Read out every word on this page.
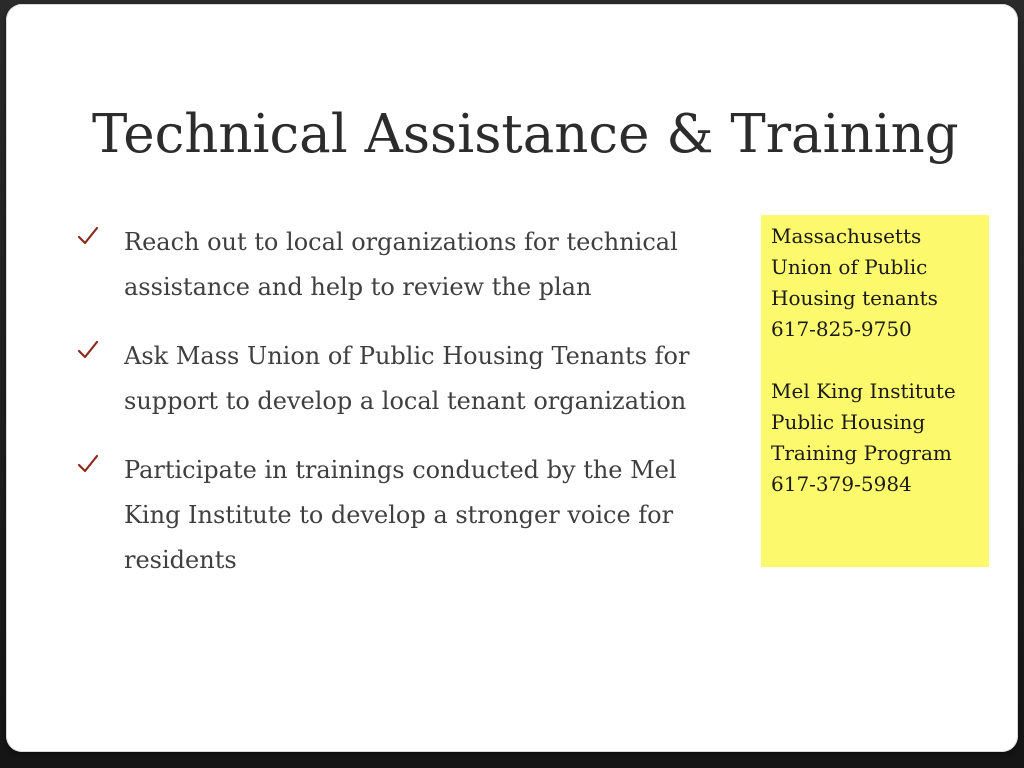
Technical Assistance & Training
Reach out to local organizations for technical assistance and help to review the plan
Ask Mass Union of Public Housing Tenants for support to develop a local tenant organization
Participate in trainings conducted by the Mel King Institute to develop a stronger voice for residents
Massachusetts
Union of Public
Housing tenants
617-825-9750
Mel King Institute
Public Housing
Training Program
617-379-5984
